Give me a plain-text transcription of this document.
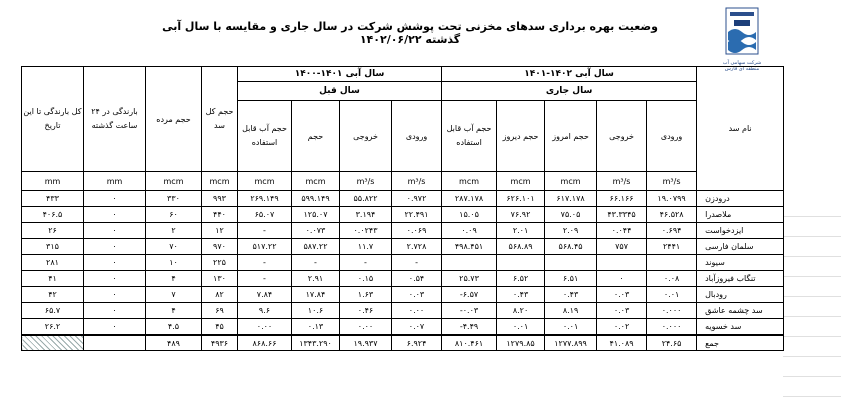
وضعیت بهره برداری سدهای مخزنی تحت پوشش شرکت در سال جاری و مقایسه با سال آبی گذشته ۱۴۰۲/۰۶/۲۲
شرکت سهامی آب منطقه ای فارس
کل بارندگی تا این تاریخ	بارندگی در ۲۴ ساعت گذشته	حجم مرده	حجم کل سد	سال آبی ۱۴۰۱-۱۴۰۰				سال آبی ۱۴۰۲-۱۴۰۱					نام سد
				سال قبل				سال جاری					
				حجم آب قابل استفاده	حجم	خروجی	ورودی	حجم آب قابل استفاده	حجم دیروز	حجم امروز	خروجی	ورودی	
mm	mm	mcm	mcm	mcm	mcm	m³/s	m³/s	mcm	mcm	mcm	m³/s	m³/s	
۴۳۳	۰	۳۳۰	۹۹۳	۲۶۹.۱۴۹	۵۹۹.۱۴۹	۵۵.۸۲۲	۰.۹۷۲	۲۸۷.۱۷۸	۶۲۶.۱۰۱	۶۱۷.۱۷۸	۶۶.۱۶۶	۱۹.۰۷۹۹	درودزن
۴۰۶.۵	۰	۶۰	۴۴۰	۶۵.۰۷	۱۲۵.۰۷	۳.۱۹۴	۲۲.۴۹۱	۱۵.۰۵	۷۶.۹۲	۷۵.۰۵	۴۳.۳۳۴۵	۴۶.۵۲۸	ملاصدرا
۲۶	۰	۲	۱۲	-	۰.۰۷۳	۰.۰۲۴۳	۰.۰۶۹	۰.۰۹	۲.۰۱	۲.۰۹	۰.۰۴۴	۰.۶۹۴	ایزدخواست
۳۱۵	۰	۷۰	۹۷۰	۵۱۷.۲۲	۵۸۷.۲۲	۱۱.۷	۲.۷۲۸	۴۹۸.۴۵۱	۵۶۸.۸۹	۵۶۸.۴۵	۷۵۷	۲۴۴۱	سلمان فارسی
۲۸۱	۰	۱۰	۲۲۵	-	-	-	-						سیوند
۴۱	۰	۴	۱۳۰	-	۲.۹۱	۰.۱۵	۰.۵۴	۲۵.۷۳	۶.۵۲	۶.۵۱	۰	۰.۰۸	تنگاب فیروزآباد
۴۲	۰	۷	۸۲	۷.۸۴	۱۷.۸۴	۱.۶۳	۰.۰۳	-۶.۵۷	۰.۴۳	۰.۴۳	۰.۰۳	۰.۰۱	رودبال
۶۵.۷	۰	۴	۶۹	۹.۶	۱۰.۶	۰.۴۶	۰.۰۰	-۰.۰۳	۸.۲۰	۸.۱۹	۰.۰۳	۰.۰۰۰	سد چشمه عاشق
۲۶.۲	۰	۴.۵	۴۵	۰.۰۰	۰.۱۳	۰.۰۰	۰.۰۷	-۴.۴۹	۰.۰۱	۰.۰۱	۰.۰۲	۰.۰۰۰	سد خسویه
		۴۸۹	۴۹۳۶	۸۶۸.۶۶	۱۳۴۳.۲۹۰	۱۹.۹۳۷	۶.۹۲۴	۸۱۰.۴۶۱	۱۲۷۹.۸۵	۱۲۷۷.۸۹۹	۴۱.۰۸۹	۲۴.۶۵	جمع
